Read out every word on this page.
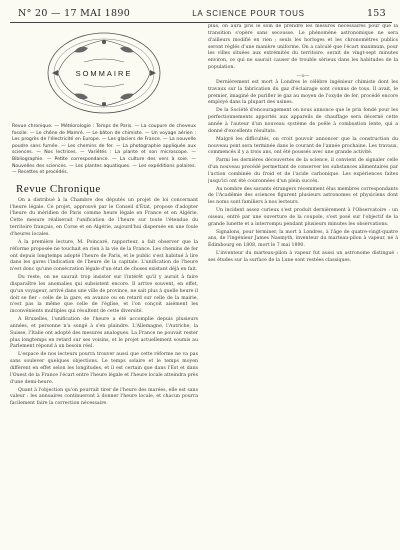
N° 20 — 17 MAI 1890	LA SCIENCE POUR TOUS	153
SOMMAIRE
Revue chronique. — Météorologie : Temps de Paris. — La coupure de cheveux fossile. — Le chêne de Mamré. — Le bâton de chimiste. — Un voyage aérien : Les progrès de l'électricité en Europe. — Les glaciers de France. — La nouvelle poudre sans fumée. — Les chemins de fer. — La photographie appliquée aux sciences. — Nos lectrices. — Variétés : La plante et son microscope. — Bibliographie. — Petite correspondance. — La culture des vers à soie. — Nouvelles des sciences. — Les plantes aquatiques. — Les expéditions polaires. — Recettes et procédés.
Revue Chronique

On a distribué à la Chambre des députés un projet de loi concernant l'heure légale. Ce projet, approuvé par le Conseil d'État, propose d'adopter l'heure du méridien de Paris comme heure légale en France et en Algérie. Cette mesure réaliserait l'unification de l'heure sur toute l'étendue du territoire français, en Corse et en Algérie, aujourd'hui dispersée en une foule d'heures locales.

A la première lecture, M. Poincaré, rapporteur, a fait observer que la réforme proposée ne touchait en rien à la vie de la France. Les chemins de fer ont depuis longtemps adopté l'heure de Paris, et le public s'est habitué à lire dans les gares l'indication de l'heure de la capitale. L'unification de l'heure n'est donc qu'une consécration légale d'un état de choses existant déjà en fait.

Du reste, on ne saurait trop insister sur l'intérêt qu'il y aurait à faire disparaître les anomalies qui subsistent encore. Il arrive souvent, en effet, qu'un voyageur, arrivé dans une ville de province, ne sait plus à quelle heure il doit se fier : celle de la gare, en avance ou en retard sur celle de la mairie, n'est pas la même que celle de l'église, et l'on conçoit aisément les inconvénients multiples qui résultent de cette diversité.

A Bruxelles, l'unification de l'heure a été accomplie depuis plusieurs années, et personne n'a songé à s'en plaindre. L'Allemagne, l'Autriche, la Suisse, l'Italie ont adopté des mesures analogues. La France ne pouvait rester plus longtemps en retard sur ses voisins, et le projet actuellement soumis au Parlement répond à un besoin réel.

L'espace de nos lecteurs pourra trouver aussi que cette réforme ne va pas sans soulever quelques objections. Le temps solaire et le temps moyen diffèrent en effet selon les longitudes, et il est certain que dans l'Est et dans l'Ouest de la France l'écart entre l'heure légale et l'heure locale atteindra près d'une demi-heure.

Quant à l'objection qu'on pourrait tirer de l'heure des marées, elle est sans valeur : les annuaires continueront à donner l'heure locale, et chacun pourra facilement faire la correction nécessaire.

plus, on aura pris le soin de prendre les mesures nécessaires pour que la transition s'opère sans secousse. Le phénomène astronomique ne sera d'ailleurs modifié en rien ; seuls les horloges et les chronomètres publics seront réglés d'une manière uniforme. On a calculé que l'écart maximum, pour les villes situées aux extrémités du territoire, serait de vingt-sept minutes environ, ce qui ne saurait causer de trouble sérieux dans les habitudes de la population.

—o—

Dernièrement est mort à Londres le célèbre ingénieur chimiste dont les travaux sur la fabrication du gaz d'éclairage sont connus de tous. Il avait, le premier, imaginé de purifier le gaz au moyen de l'oxyde de fer, procédé encore employé dans la plupart des usines.

De la Société d'encouragement on nous annonce que le prix fondé pour les perfectionnements apportés aux appareils de chauffage sera décerné cette année à l'auteur d'un nouveau système de poêle à combustion lente, qui a donné d'excellents résultats.

Malgré les difficultés, on croit pouvoir annoncer que la construction du nouveau pont sera terminée dans le courant de l'année prochaine. Les travaux, commencés il y a trois ans, ont été poussés avec une grande activité.

Parmi les dernières découvertes de la science, il convient de signaler celle d'un nouveau procédé permettant de conserver les substances alimentaires par l'action combinée du froid et de l'acide carbonique. Les expériences faites jusqu'ici ont été couronnées d'un plein succès.

Au nombre des savants étrangers récemment élus membres correspondants de l'Académie des sciences figurent plusieurs astronomes et physiciens dont les noms sont familiers à nos lecteurs.

Un incident assez curieux s'est produit dernièrement à l'Observatoire : un oiseau, entré par une ouverture de la coupole, s'est posé sur l'objectif de la grande lunette et a interrompu pendant plusieurs minutes les observations.

Signalons, pour terminer, la mort à Londres, à l'âge de quatre-vingt-quatre ans, de l'ingénieur James Nasmyth, inventeur du marteau-pilon à vapeur, né à Édimbourg en 1808, mort le 7 mai 1890.

L'inventeur du marteau-pilon à vapeur fut aussi un astronome distingué : ses études sur la surface de la Lune sont restées classiques.
